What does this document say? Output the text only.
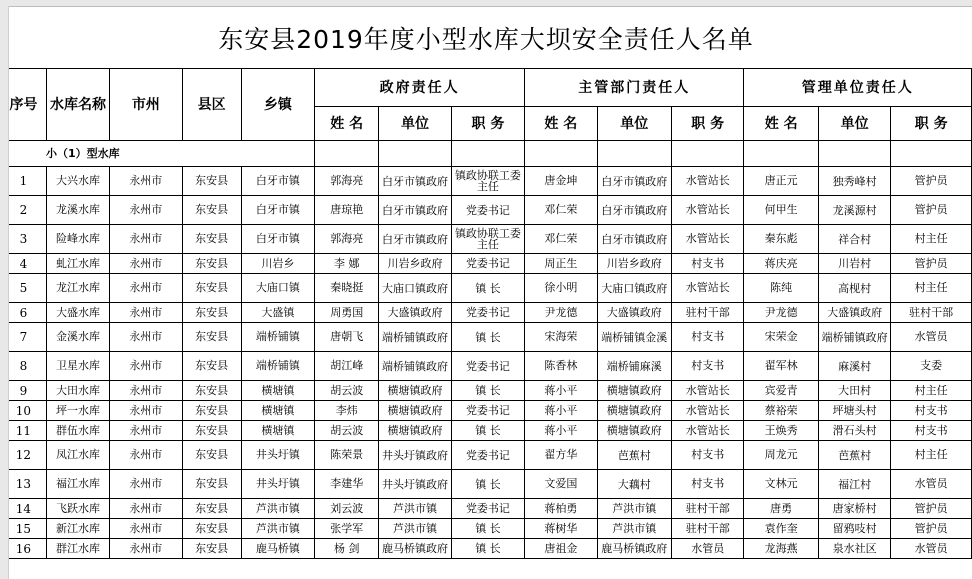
东安县2019年度小型水库大坝安全责任人名单
序号	水库名称	市州	县区	乡镇	政府责任人			主管部门责任人			管理单位责任人		
					姓 名	单位	职 务	姓 名	单位	职 务	姓 名	单位	职 务
小（1）型水库													
1	大兴水库	永州市	东安县	白牙市镇	郭海亮	白牙市镇政府	镇政协联工委主任	唐金坤	白牙市镇政府	水管站长	唐正元	独秀峰村	管护员
2	龙溪水库	永州市	东安县	白牙市镇	唐琼艳	白牙市镇政府	党委书记	邓仁荣	白牙市镇政府	水管站长	何甲生	龙溪源村	管护员
3	险峰水库	永州市	东安县	白牙市镇	郭海亮	白牙市镇政府	镇政协联工委主任	邓仁荣	白牙市镇政府	水管站长	秦东彪	祥合村	村主任
4	虬江水库	永州市	东安县	川岩乡	李 娜	川岩乡政府	党委书记	周正生	川岩乡政府	村支书	蒋庆亮	川岩村	管护员
5	龙江水库	永州市	东安县	大庙口镇	秦晓挺	大庙口镇政府	镇 长	徐小明	大庙口镇政府	水管站长	陈纯	高枧村	村主任
6	大盛水库	永州市	东安县	大盛镇	周勇国	大盛镇政府	党委书记	尹龙德	大盛镇政府	驻村干部	尹龙德	大盛镇政府	驻村干部
7	金溪水库	永州市	东安县	端桥铺镇	唐朝飞	端桥铺镇政府	镇 长	宋海荣	端桥铺镇金溪	村支书	宋荣金	端桥铺镇政府	水管员
8	卫星水库	永州市	东安县	端桥铺镇	胡江峰	端桥铺镇政府	党委书记	陈香林	端桥铺麻溪	村支书	翟军林	麻溪村	支委
9	大田水库	永州市	东安县	横塘镇	胡云波	横塘镇政府	镇 长	蒋小平	横塘镇政府	水管站长	宾爱青	大田村	村主任
10	坪一水库	永州市	东安县	横塘镇	李炜	横塘镇政府	党委书记	蒋小平	横塘镇政府	水管站长	蔡裕荣	坪塘头村	村支书
11	群伍水库	永州市	东安县	横塘镇	胡云波	横塘镇政府	镇 长	蒋小平	横塘镇政府	水管站长	王焕秀	滑石头村	村支书
12	凤江水库	永州市	东安县	井头圩镇	陈荣景	井头圩镇政府	党委书记	翟方华	芭蕉村	村支书	周龙元	芭蕉村	村主任
13	福江水库	永州市	东安县	井头圩镇	李建华	井头圩镇政府	镇 长	文爱国	大藕村	村支书	文林元	福江村	水管员
14	飞跃水库	永州市	东安县	芦洪市镇	刘云波	芦洪市镇	党委书记	蒋柏勇	芦洪市镇	驻村干部	唐勇	唐家桥村	管护员
15	新江水库	永州市	东安县	芦洪市镇	张学军	芦洪市镇	镇 长	蒋树华	芦洪市镇	驻村干部	袁作奎	留鸦吱村	管护员
16	群江水库	永州市	东安县	鹿马桥镇	杨 剑	鹿马桥镇政府	镇 长	唐祖金	鹿马桥镇政府	水管员	龙海燕	泉水社区	水管员
